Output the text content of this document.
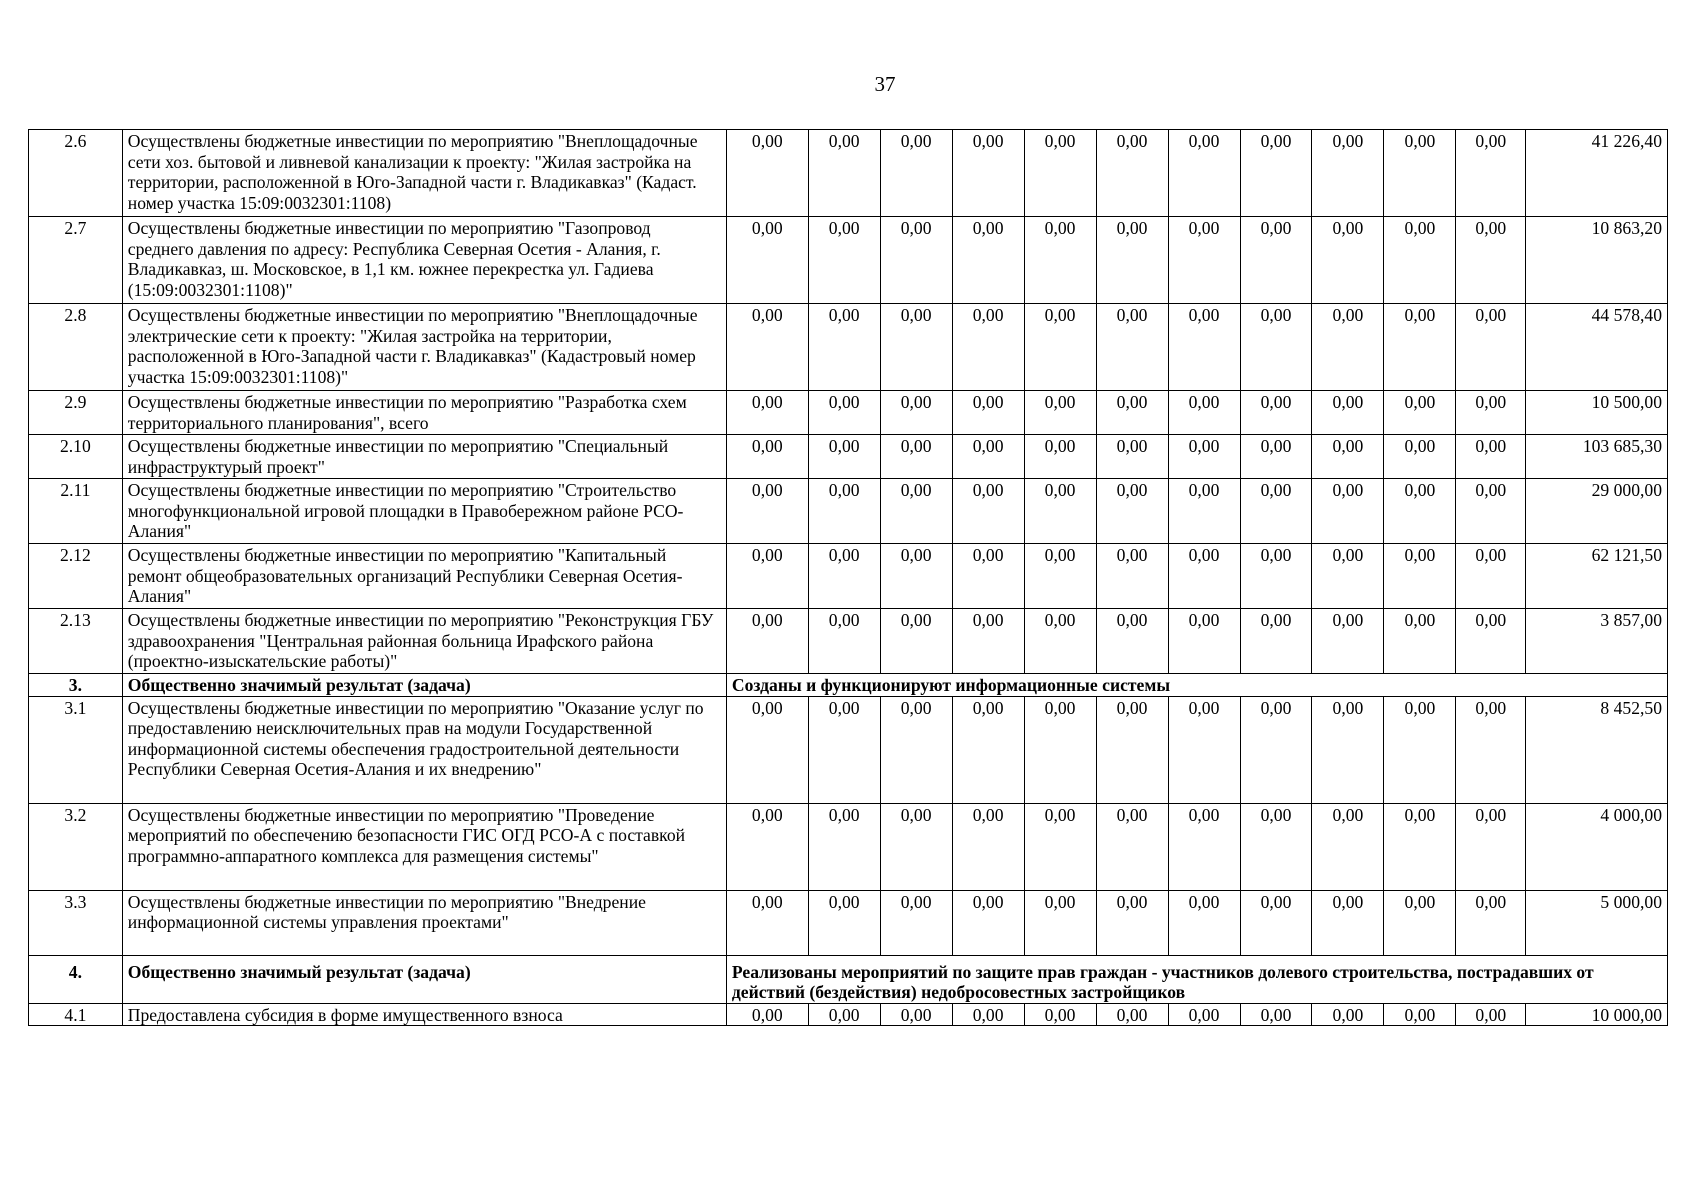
37
2.6	Осуществлены бюджетные инвестиции по мероприятию "Внеплощадочные сети хоз. бытовой и ливневой канализации к проекту: "Жилая застройка на территории, расположенной в Юго-Западной части г. Владикавказ" (Кадаст. номер участка 15:09:0032301:1108)	0,00	0,00	0,00	0,00	0,00	0,00	0,00	0,00	0,00	0,00	0,00	41 226,40
2.7	Осуществлены бюджетные инвестиции по мероприятию "Газопровод среднего давления по адресу: Республика Северная Осетия - Алания, г. Владикавказ, ш. Московское, в 1,1 км. южнее перекрестка ул. Гадиева (15:09:0032301:1108)"	0,00	0,00	0,00	0,00	0,00	0,00	0,00	0,00	0,00	0,00	0,00	10 863,20
2.8	Осуществлены бюджетные инвестиции по мероприятию "Внеплощадочные электрические сети к проекту: "Жилая застройка на территории, расположенной в Юго-Западной части г. Владикавказ" (Кадастровый номер участка 15:09:0032301:1108)"	0,00	0,00	0,00	0,00	0,00	0,00	0,00	0,00	0,00	0,00	0,00	44 578,40
2.9	Осуществлены бюджетные инвестиции по мероприятию "Разработка схем территориального планирования", всего	0,00	0,00	0,00	0,00	0,00	0,00	0,00	0,00	0,00	0,00	0,00	10 500,00
2.10	Осуществлены бюджетные инвестиции по мероприятию "Специальный инфраструктурый проект"	0,00	0,00	0,00	0,00	0,00	0,00	0,00	0,00	0,00	0,00	0,00	103 685,30
2.11	Осуществлены бюджетные инвестиции по мероприятию "Строительство многофункциональной игровой площадки в Правобережном районе РСО-Алания"	0,00	0,00	0,00	0,00	0,00	0,00	0,00	0,00	0,00	0,00	0,00	29 000,00
2.12	Осуществлены бюджетные инвестиции по мероприятию "Капитальный ремонт общеобразовательных организаций Республики Северная Осетия-Алания"	0,00	0,00	0,00	0,00	0,00	0,00	0,00	0,00	0,00	0,00	0,00	62 121,50
2.13	Осуществлены бюджетные инвестиции по мероприятию "Реконструкция ГБУ здравоохранения "Центральная районная больница Ирафского района (проектно-изыскательские работы)"	0,00	0,00	0,00	0,00	0,00	0,00	0,00	0,00	0,00	0,00	0,00	3 857,00
3.	Общественно значимый результат (задача)	Созданы и функционируют информационные системы											
3.1	Осуществлены бюджетные инвестиции по мероприятию "Оказание услуг по предоставлению неисключительных прав на модули Государственной информационной системы обеспечения градостроительной деятельности Республики Северная Осетия-Алания и их внедрению"	0,00	0,00	0,00	0,00	0,00	0,00	0,00	0,00	0,00	0,00	0,00	8 452,50
3.2	Осуществлены бюджетные инвестиции по мероприятию "Проведение мероприятий по обеспечению безопасности ГИС ОГД РСО-А с поставкой программно-аппаратного комплекса для размещения системы"	0,00	0,00	0,00	0,00	0,00	0,00	0,00	0,00	0,00	0,00	0,00	4 000,00
3.3	Осуществлены бюджетные инвестиции по мероприятию "Внедрение информационной системы управления проектами"	0,00	0,00	0,00	0,00	0,00	0,00	0,00	0,00	0,00	0,00	0,00	5 000,00
4.	Общественно значимый результат (задача)	Реализованы мероприятий по защите прав граждан - участников долевого строительства, пострадавших от действий (бездействия) недобросовестных застройщиков											
4.1	Предоставлена субсидия в форме имущественного взноса	0,00	0,00	0,00	0,00	0,00	0,00	0,00	0,00	0,00	0,00	0,00	10 000,00
